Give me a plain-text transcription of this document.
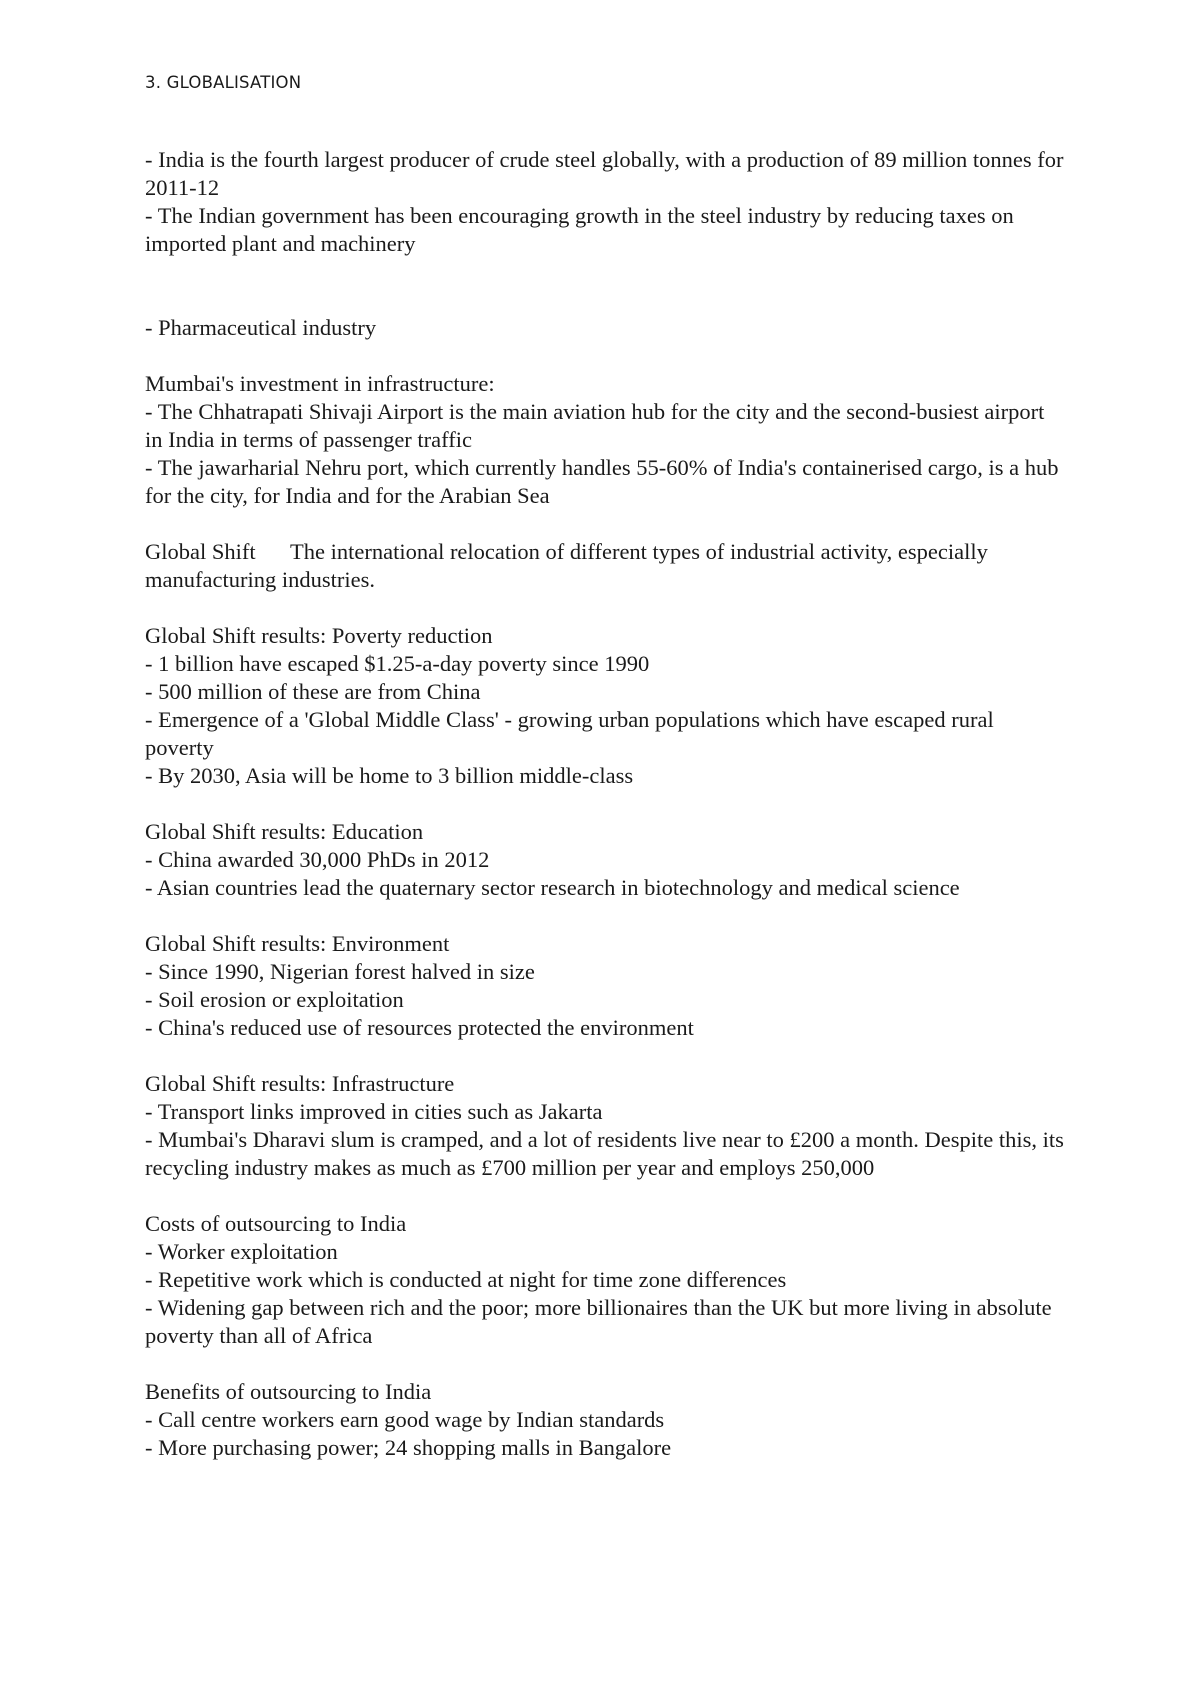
3. GLOBALISATION

- India is the fourth largest producer of crude steel globally, with a production of 89 million tonnes for 2011-12

- The Indian government has been encouraging growth in the steel industry by reducing taxes on imported plant and machinery

- Pharmaceutical industry

Mumbai's investment in infrastructure:

- The Chhatrapati Shivaji Airport is the main aviation hub for the city and the second-busiest airport in India in terms of passenger traffic

- The jawarharial Nehru port, which currently handles 55-60% of India's containerised cargo, is a hub for the city, for India and for the Arabian Sea

Global Shift The international relocation of different types of industrial activity, especially manufacturing industries.

Global Shift results: Poverty reduction

- 1 billion have escaped $1.25-a-day poverty since 1990

- 500 million of these are from China

- Emergence of a 'Global Middle Class' - growing urban populations which have escaped rural poverty

- By 2030, Asia will be home to 3 billion middle-class

Global Shift results: Education

- China awarded 30,000 PhDs in 2012

- Asian countries lead the quaternary sector research in biotechnology and medical science

Global Shift results: Environment

- Since 1990, Nigerian forest halved in size

- Soil erosion or exploitation

- China's reduced use of resources protected the environment

Global Shift results: Infrastructure

- Transport links improved in cities such as Jakarta

- Mumbai's Dharavi slum is cramped, and a lot of residents live near to £200 a month. Despite this, its recycling industry makes as much as £700 million per year and employs 250,000

Costs of outsourcing to India

- Worker exploitation

- Repetitive work which is conducted at night for time zone differences

- Widening gap between rich and the poor; more billionaires than the UK but more living in absolute poverty than all of Africa

Benefits of outsourcing to India

- Call centre workers earn good wage by Indian standards

- More purchasing power; 24 shopping malls in Bangalore
